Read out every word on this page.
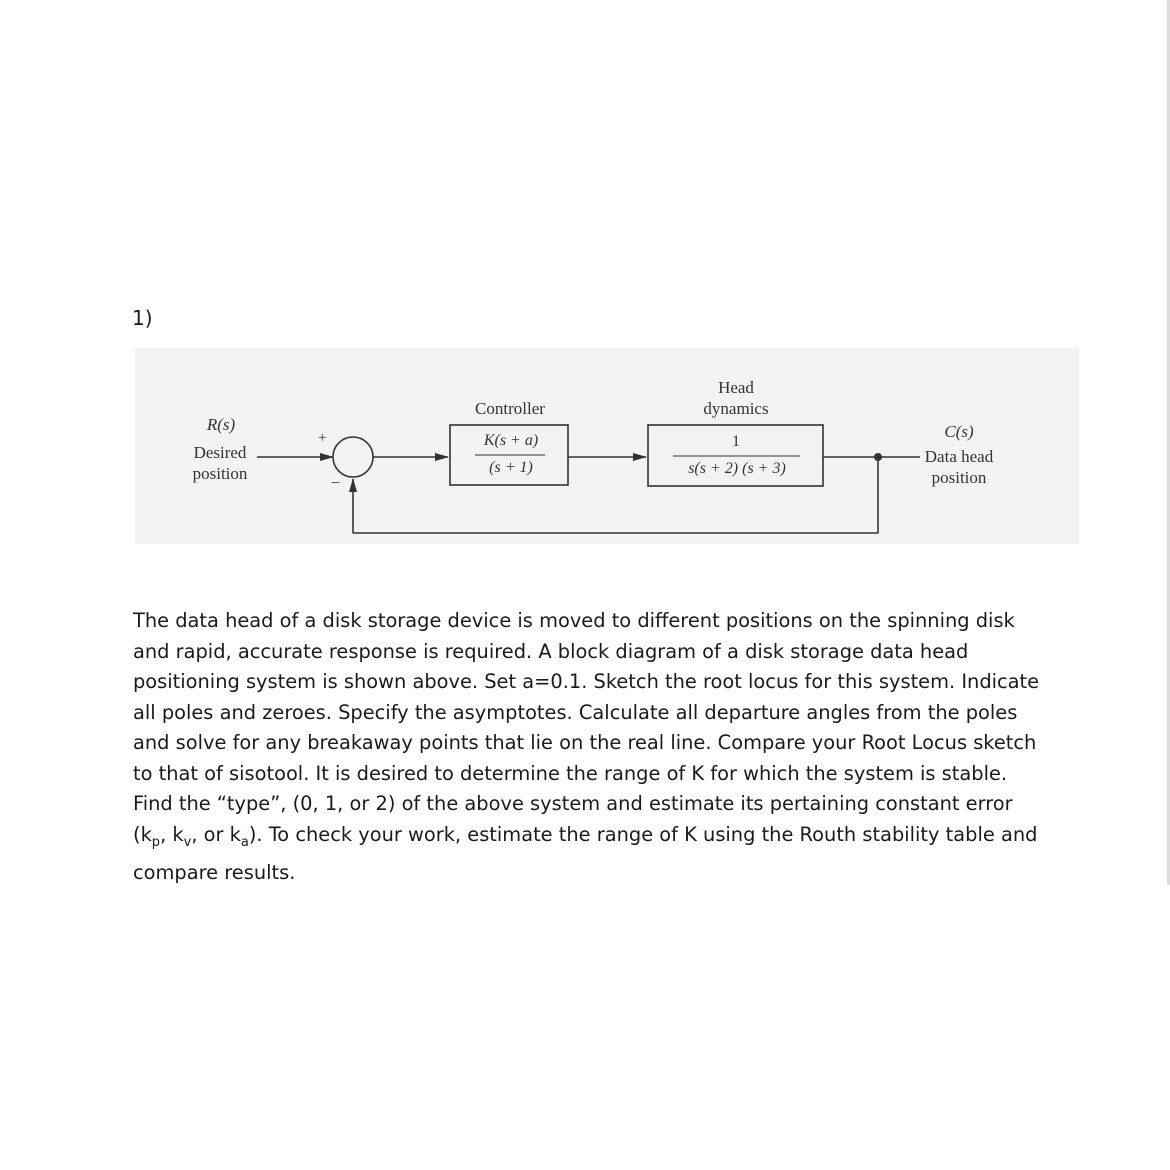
1)
R(s)
Desired
position
+
−
Controller
K(s + a)
(s + 1)
Head
dynamics
1
s(s + 2) (s + 3)
C(s)
Data head
position
The data head of a disk storage device is moved to different positions on the spinning disk and rapid, accurate response is required. A block diagram of a disk storage data head positioning system is shown above. Set a=0.1. Sketch the root locus for this system. Indicate all poles and zeroes. Specify the asymptotes. Calculate all departure angles from the poles and solve for any breakaway points that lie on the real line. Compare your Root Locus sketch to that of sisotool. It is desired to determine the range of K for which the system is stable. Find the “type”, (0, 1, or 2) of the above system and estimate its pertaining constant error ($k_p$, $k_v$, or $k_a$). To check your work, estimate the range of K using the Routh stability table and compare results.
